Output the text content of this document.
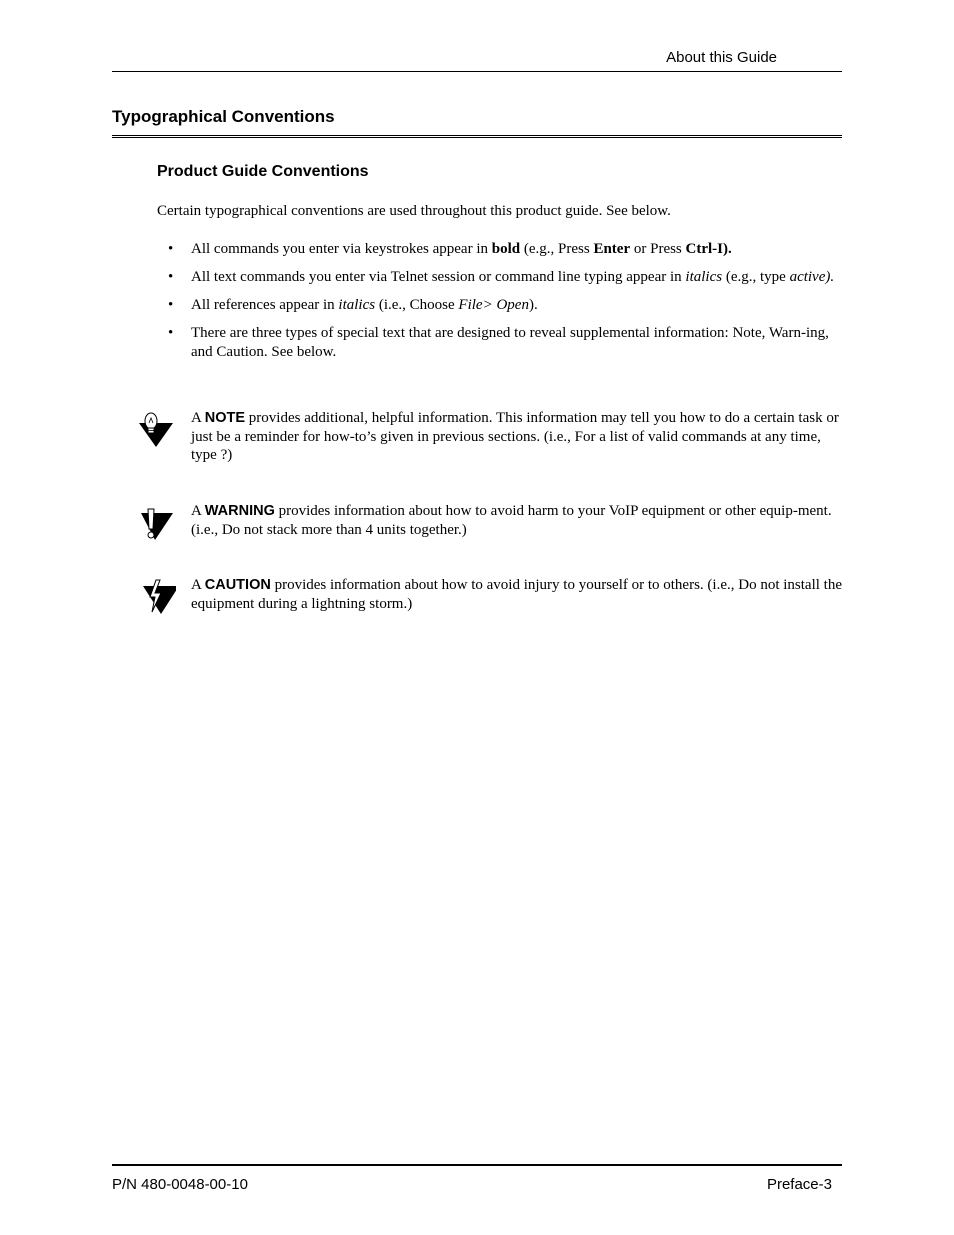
About this Guide
Typographical Conventions
Product Guide Conventions
Certain typographical conventions are used throughout this product guide. See below.
• All commands you enter via keystrokes appear in bold (e.g., Press Enter or Press Ctrl-I).
• All text commands you enter via Telnet session or command line typing appear in italics (e.g., type active).
• All references appear in italics (i.e., Choose File> Open).
• There are three types of special text that are designed to reveal supplemental information: Note, Warn-ing, and Caution. See below.
A NOTE provides additional, helpful information. This information may tell you how to do a certain task or just be a reminder for how-to’s given in previous sections. (i.e., For a list of valid commands at any time, type ?)
A WARNING provides information about how to avoid harm to your VoIP equipment or other equip-ment. (i.e., Do not stack more than 4 units together.)
A CAUTION provides information about how to avoid injury to yourself or to others. (i.e., Do not install the equipment during a lightning storm.)
P/N 480-0048-00-10	Preface-3
